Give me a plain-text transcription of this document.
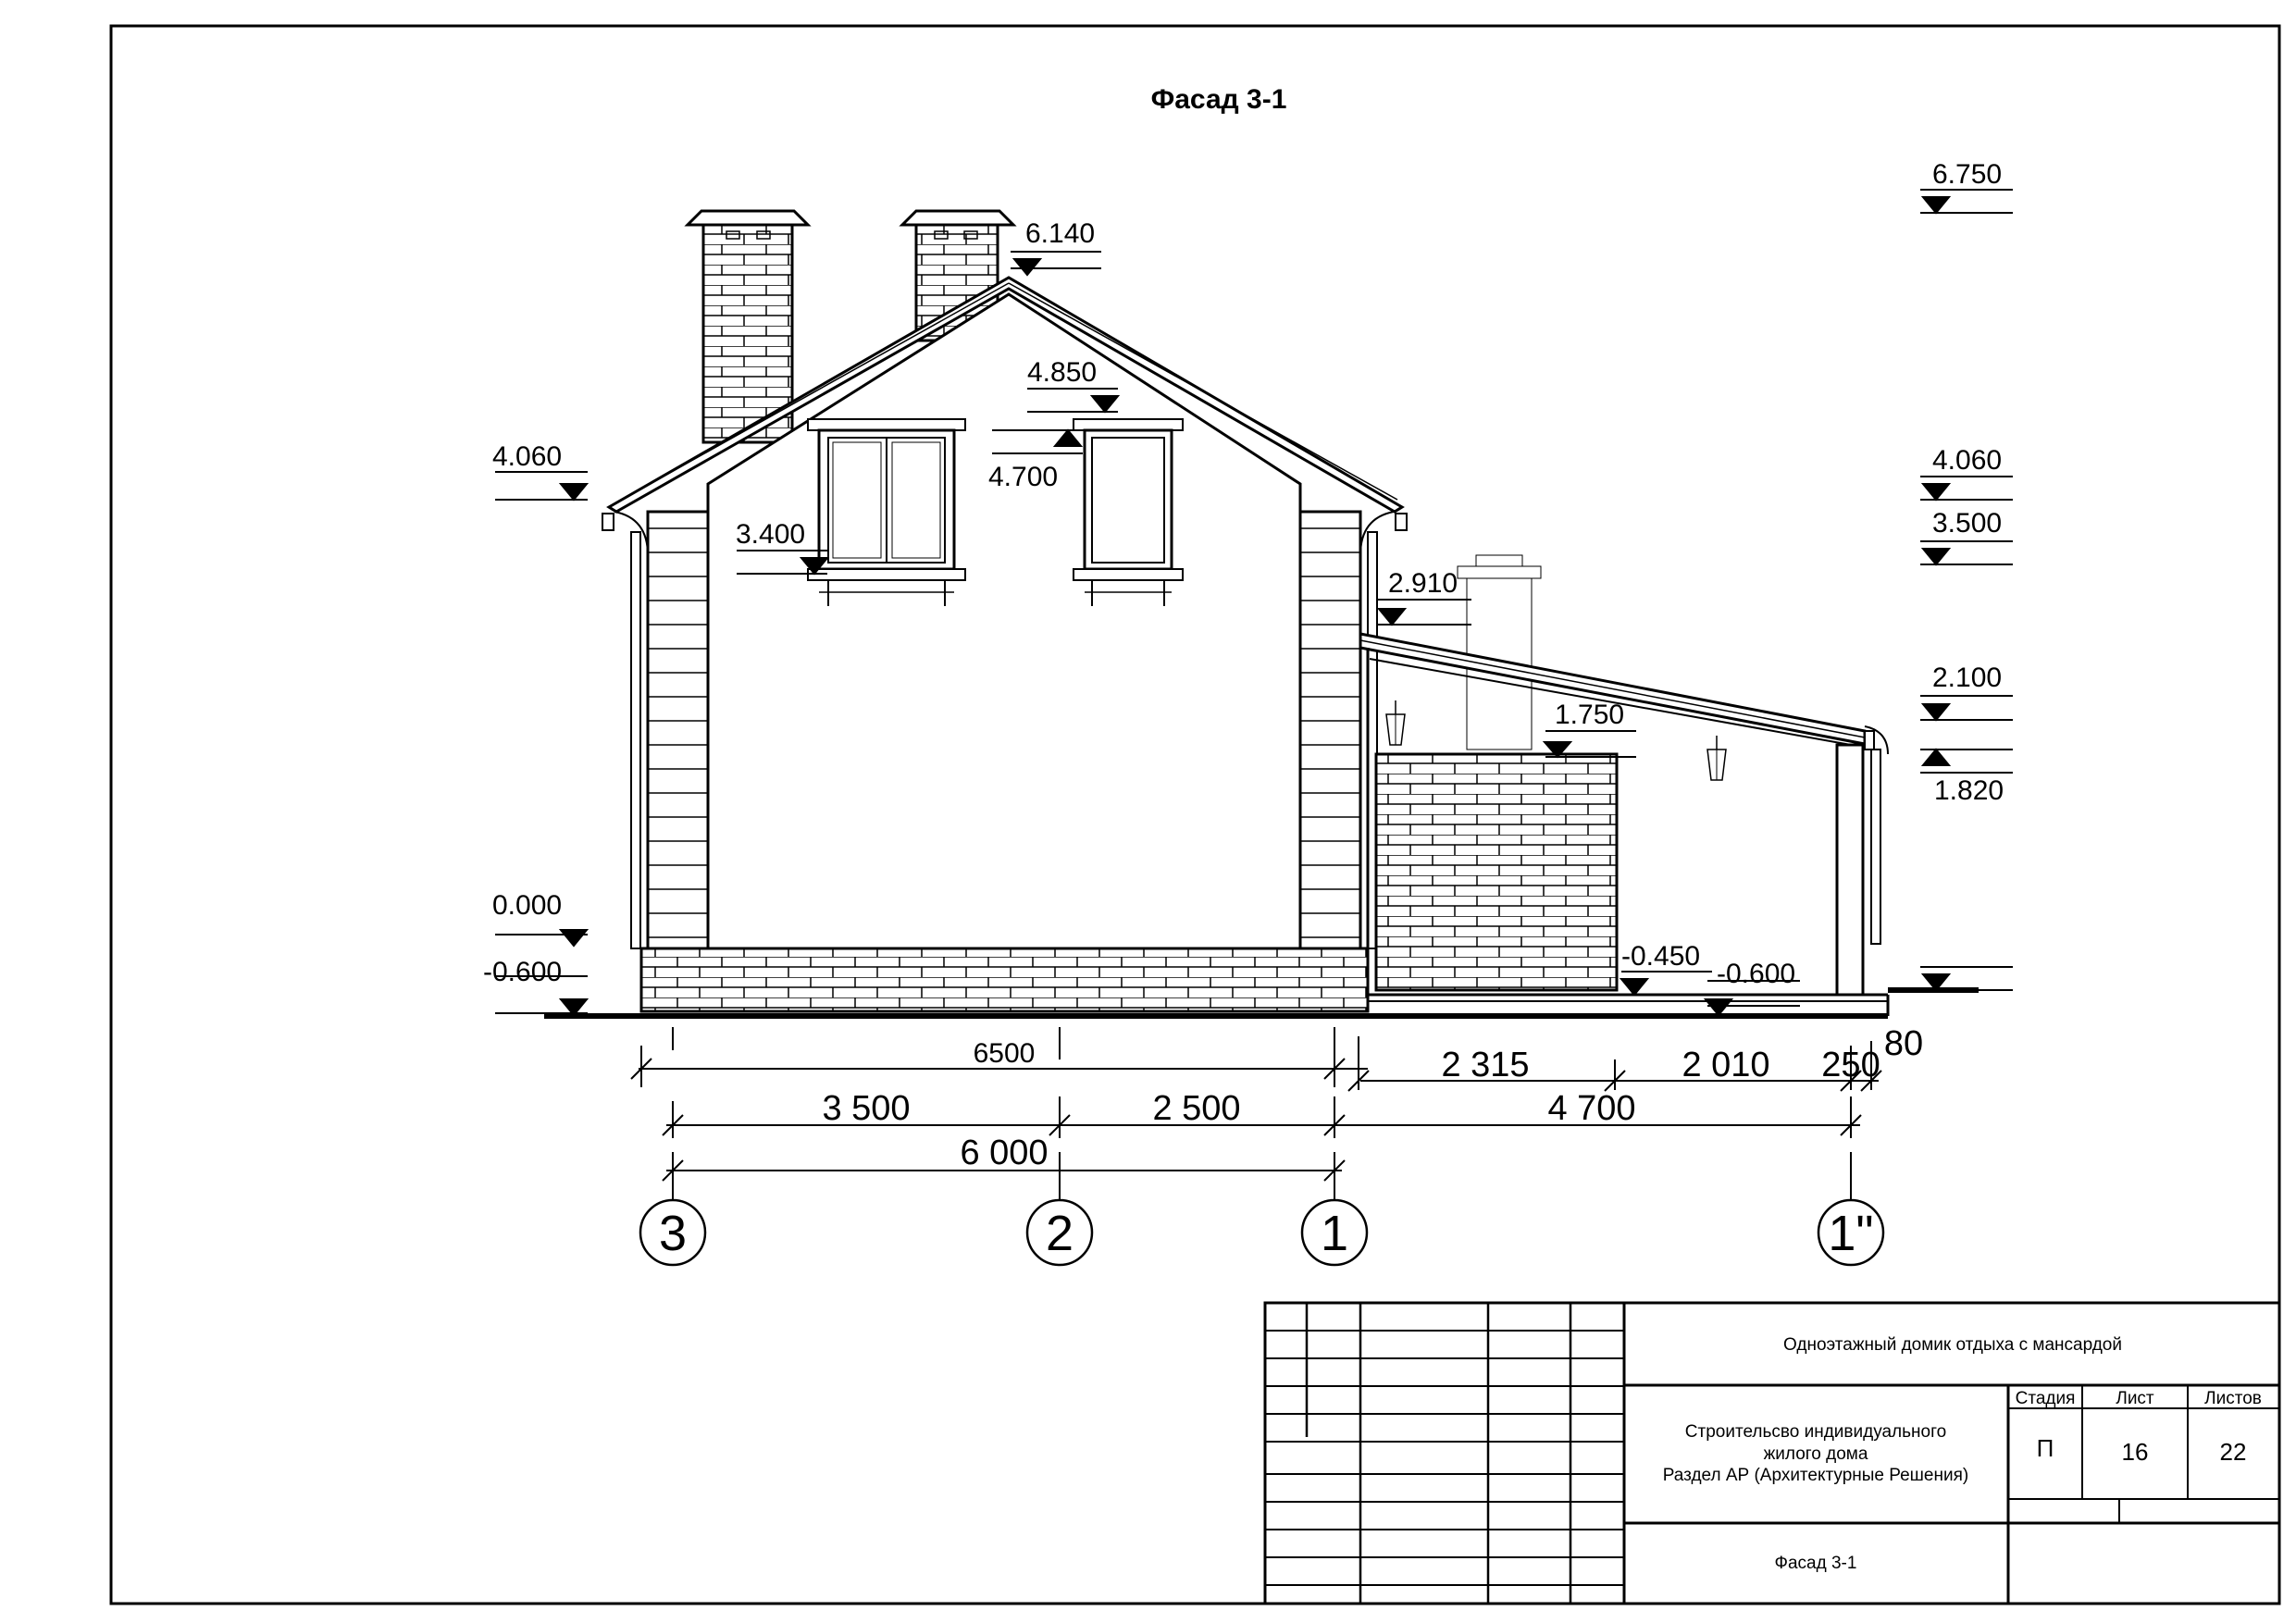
Фасад 3-1
6.750
6.140
4.850
4.700
4.060
3.400
0.000
-0.600
2.910
1.750
4.060
3.500
2.100
1.820
-0.450
-0.600
6500	2 315	2 010 250
80
3 500	2 500	4 700
6 000
3	2	1	1"
Одноэтажный домик отдыха с мансардой
Строительсво индивидуального
жилого дома
Раздел АР (Архитектурные Решения)
Фасад 3-1
Стадия Лист	Листов
П	16	22
